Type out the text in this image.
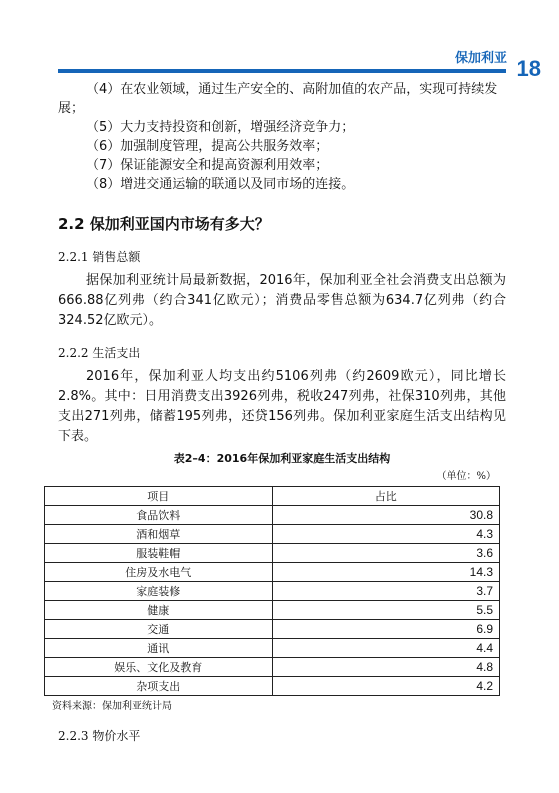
保加利亚 18

（4）在农业领域，通过生产安全的、高附加值的农产品，实现可持续发展；

（5）大力支持投资和创新，增强经济竞争力；

（6）加强制度管理，提高公共服务效率；

（7）保证能源安全和提高资源利用效率；

（8）增进交通运输的联通以及同市场的连接。

2.2 保加利亚国内市场有多大？
2.2.1 销售总额

据保加利亚统计局最新数据，2016年，保加利亚全社会消费支出总额为666.88亿列弗（约合341亿欧元）；消费品零售总额为634.7亿列弗（约合324.52亿欧元）。

2.2.2 生活支出

2016年，保加利亚人均支出约5106列弗（约2609欧元），同比增长2.8%。其中：日用消费支出3926列弗，税收247列弗，社保310列弗，其他支出271列弗，储蓄195列弗，还贷156列弗。保加利亚家庭生活支出结构见下表。

表2–4：2016年保加利亚家庭生活支出结构
（单位：%）
项目	占比
食品饮料	30.8
酒和烟草	4.3
服装鞋帽	3.6
住房及水电气	14.3
家庭装修	3.7
健康	5.5
交通	6.9
通讯	4.4
娱乐、文化及教育	4.8
杂项支出	4.2
资料来源：保加利亚统计局
2.2.3 物价水平
